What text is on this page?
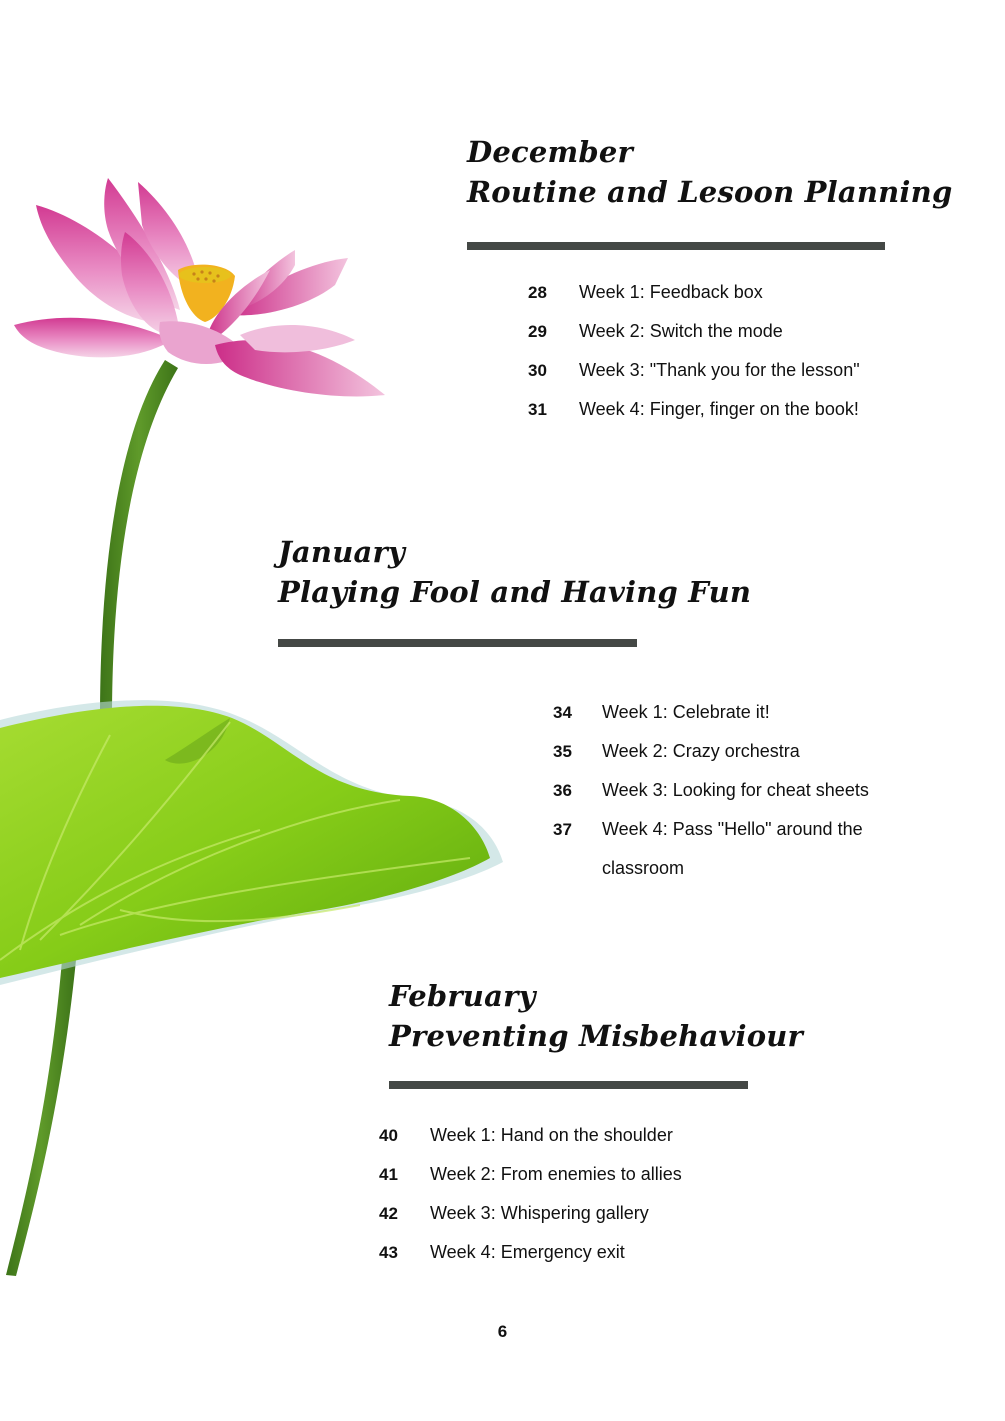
December
Routine and Lesoon Planning
28	Week 1: Feedback box
29	Week 2: Switch the mode
30	Week 3: "Thank you for the lesson"
31	Week 4: Finger, finger on the book!
January
Playing Fool and Having Fun
34	Week 1: Celebrate it!
35	Week 2: Crazy orchestra
36	Week 3: Looking for cheat sheets
37	Week 4: Pass "Hello" around the
classroom
February
Preventing Misbehaviour
40	Week 1: Hand on the shoulder
41	Week 2: From enemies to allies
42	Week 3: Whispering gallery
43	Week 4: Emergency exit
6
